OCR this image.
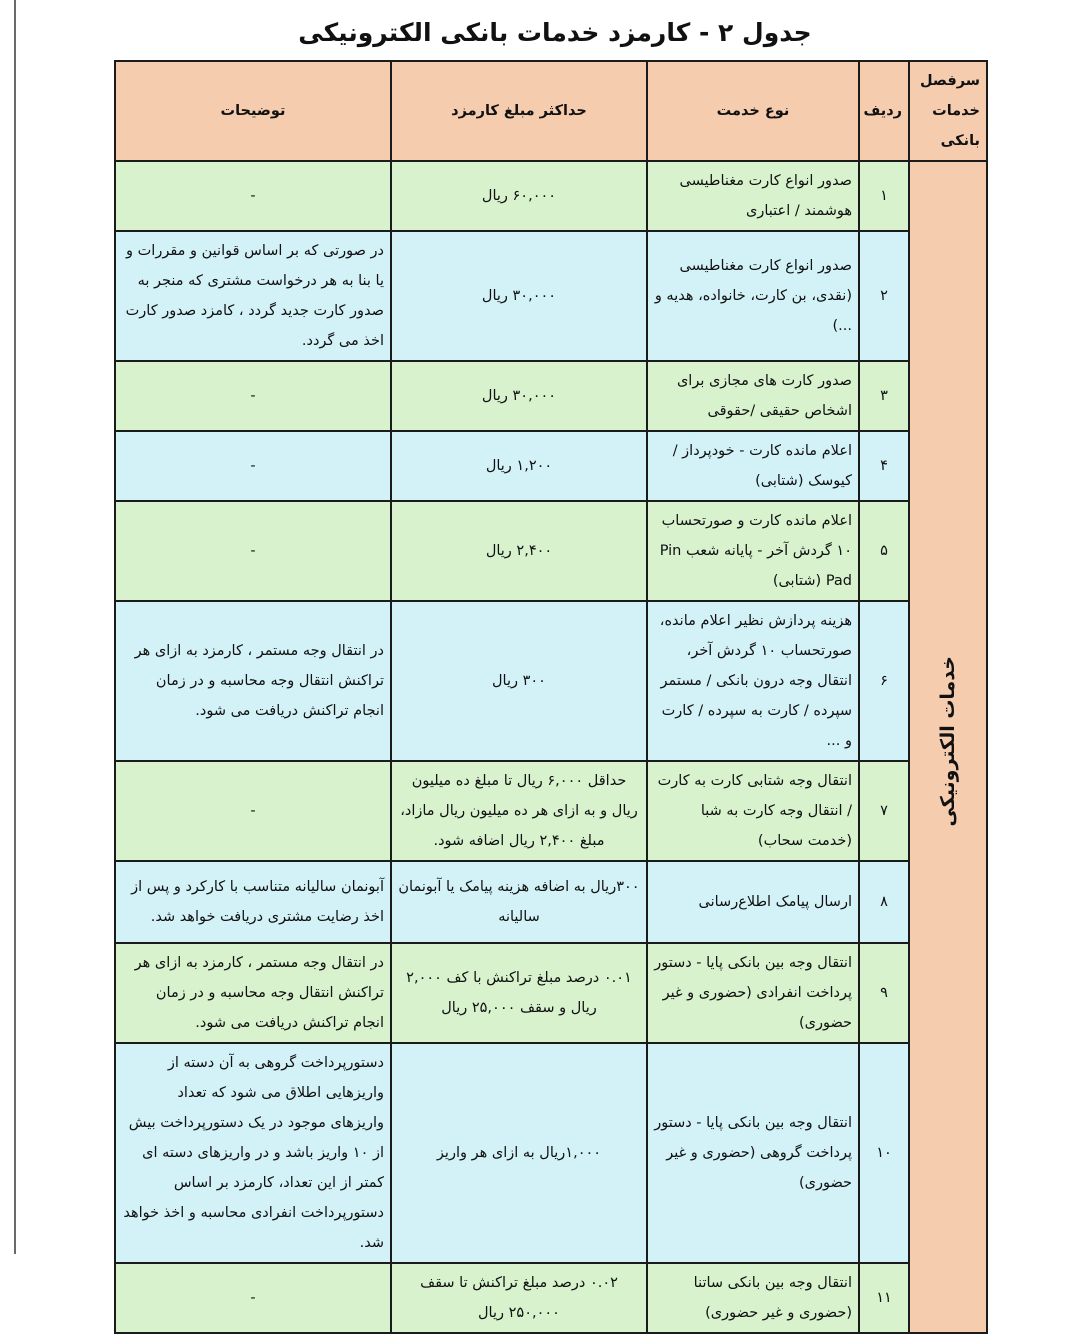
جدول ۲ - کارمزد خدمات بانکی الکترونیکی
سرفصل خدمات بانکی	ردیف	نوع خدمت	حداکثر مبلغ کارمزد	توضیحات
خدمات الکترونیکی	۱	صدور انواع کارت مغناطیسی هوشمند / اعتباری	۶۰,۰۰۰ ریال	-
	۲	صدور انواع کارت مغناطیسی (نقدی، بن کارت، خانواده، هدیه و ...)	۳۰,۰۰۰ ریال	در صورتی که بر اساس قوانین و مقررات و یا بنا به هر درخواست مشتری که منجر به صدور کارت جدید گردد ، کامزد صدور کارت اخذ می گردد.
	۳	صدور کارت های مجازی برای اشخاص حقیقی /حقوقی	۳۰,۰۰۰ ریال	-
	۴	اعلام مانده کارت - خودپرداز / کیوسک (شتابی)	۱,۲۰۰ ریال	-
	۵	اعلام مانده کارت و صورتحساب ۱۰ گردش آخر - پایانه شعب Pin Pad (شتابی)	۲,۴۰۰ ریال	-
	۶	هزینه پردازش نظیر اعلام مانده، صورتحساب ۱۰ گردش آخر، انتقال وجه درون بانکی / مستمر سپرده / کارت به سپرده / کارت و ...	۳۰۰ ریال	در انتقال وجه مستمر ، کارمزد به ازای هر تراکنش انتقال وجه محاسبه و در زمان انجام تراکنش دریافت می شود.
	۷	انتقال وجه شتابی کارت به کارت / انتقال وجه کارت به شبا (خدمت سحاب)	حداقل ۶,۰۰۰ ریال تا مبلغ ده میلیون ریال و به ازای هر ده میلیون ریال مازاد، مبلغ ۲,۴۰۰ ریال اضافه شود.	-
	۸	ارسال پیامک اطلاع‌رسانی	۳۰۰ریال به اضافه هزینه پیامک یا آبونمان سالیانه	آبونمان سالیانه متناسب با کارکرد و پس از اخذ رضایت مشتری دریافت خواهد شد.
	۹	انتقال وجه بین بانکی پایا - دستور پرداخت انفرادی (حضوری و غیر حضوری)	۰.۰۱ درصد مبلغ تراکنش با کف ۲,۰۰۰ ریال و سقف ۲۵,۰۰۰ ریال	در انتقال وجه مستمر ، کارمزد به ازای هر تراکنش انتقال وجه محاسبه و در زمان انجام تراکنش دریافت می شود.
	۱۰	انتقال وجه بین بانکی پایا - دستور پرداخت گروهی (حضوری و غیر حضوری)	۱,۰۰۰ریال به ازای هر واریز	دستورپرداخت گروهی به آن دسته از واریزهایی اطلاق می شود که تعداد واریزهای موجود در یک دستورپرداخت بیش از ۱۰ واریز باشد و در واریزهای دسته ای کمتر از این تعداد، کارمزد بر اساس دستورپرداخت انفرادی محاسبه و اخذ خواهد شد.
	۱۱	انتقال وجه بین بانکی ساتنا (حضوری و غیر حضوری)	۰.۰۲ درصد مبلغ تراکنش تا سقف ۲۵۰,۰۰۰ ریال	-
